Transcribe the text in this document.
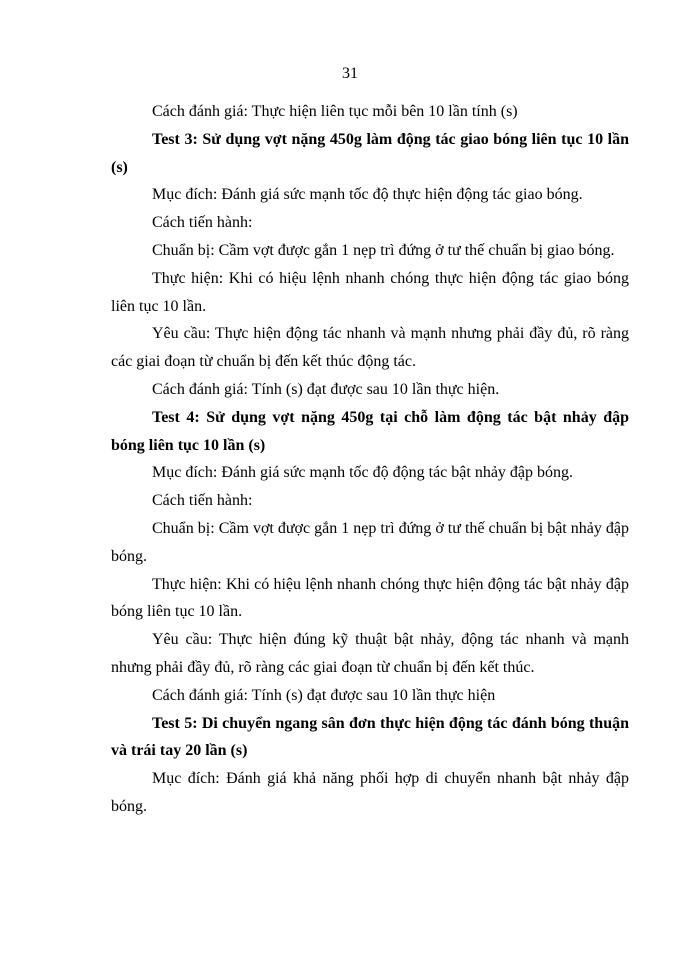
31

Cách đánh giá: Thực hiện liên tục mỗi bên 10 lần tính (s)

Test 3: Sử dụng vợt nặng 450g làm động tác giao bóng liên tục 10 lần (s)

Mục đích: Đánh giá sức mạnh tốc độ thực hiện động tác giao bóng.

Cách tiến hành:

Chuẩn bị: Cầm vợt được gắn 1 nẹp trì đứng ở tư thế chuẩn bị giao bóng.

Thực hiện: Khi có hiệu lệnh nhanh chóng thực hiện động tác giao bóng liên tục 10 lần.

Yêu cầu: Thực hiện động tác nhanh và mạnh nhưng phải đầy đủ, rõ ràng các giai đoạn từ chuẩn bị đến kết thúc động tác.

Cách đánh giá: Tính (s) đạt được sau 10 lần thực hiện.

Test 4: Sử dụng vợt nặng 450g tại chỗ làm động tác bật nhảy đập bóng liên tục 10 lần (s)

Mục đích: Đánh giá sức mạnh tốc độ động tác bật nhảy đập bóng.

Cách tiến hành:

Chuẩn bị: Cầm vợt được gắn 1 nẹp trì đứng ở tư thế chuẩn bị bật nhảy đập bóng.

Thực hiện: Khi có hiệu lệnh nhanh chóng thực hiện động tác bật nhảy đập bóng liên tục 10 lần.

Yêu cầu: Thực hiện đúng kỹ thuật bật nhảy, động tác nhanh và mạnh nhưng phải đầy đủ, rõ ràng các giai đoạn từ chuẩn bị đến kết thúc.

Cách đánh giá: Tính (s) đạt được sau 10 lần thực hiện

Test 5: Di chuyển ngang sân đơn thực hiện động tác đánh bóng thuận và trái tay 20 lần (s)

Mục đích: Đánh giá khả năng phối hợp di chuyển nhanh bật nhảy đập bóng.
